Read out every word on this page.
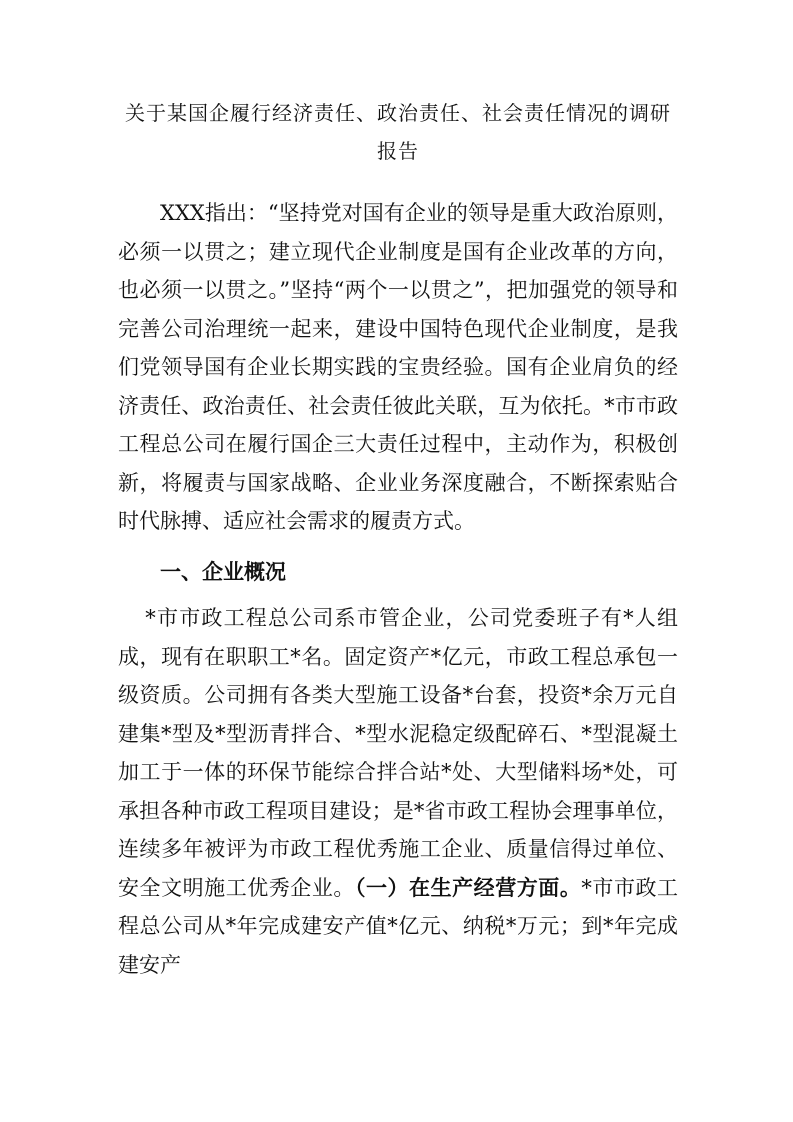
关于某国企履行经济责任、政治责任、社会责任情况的调研
报告

XXX指出：“坚持党对国有企业的领导是重大政治原则，必须一以贯之；建立现代企业制度是国有企业改革的方向，也必须一以贯之。”坚持“两个一以贯之”，把加强党的领导和完善公司治理统一起来，建设中国特色现代企业制度，是我们党领导国有企业长期实践的宝贵经验。国有企业肩负的经济责任、政治责任、社会责任彼此关联，互为依托。*市市政工程总公司在履行国企三大责任过程中，主动作为，积极创新，将履责与国家战略、企业业务深度融合，不断探索贴合时代脉搏、适应社会需求的履责方式。

一、企业概况

*市市政工程总公司系市管企业，公司党委班子有*人组成，现有在职职工*名。固定资产*亿元，市政工程总承包一级资质。公司拥有各类大型施工设备*台套，投资*余万元自建集*型及*型沥青拌合、*型水泥稳定级配碎石、*型混凝土加工于一体的环保节能综合拌合站*处、大型储料场*处，可承担各种市政工程项目建设；是*省市政工程协会理事单位，连续多年被评为市政工程优秀施工企业、质量信得过单位、安全文明施工优秀企业。（一）在生产经营方面。*市市政工程总公司从*年完成建安产值*亿元、纳税*万元；到*年完成建安产
